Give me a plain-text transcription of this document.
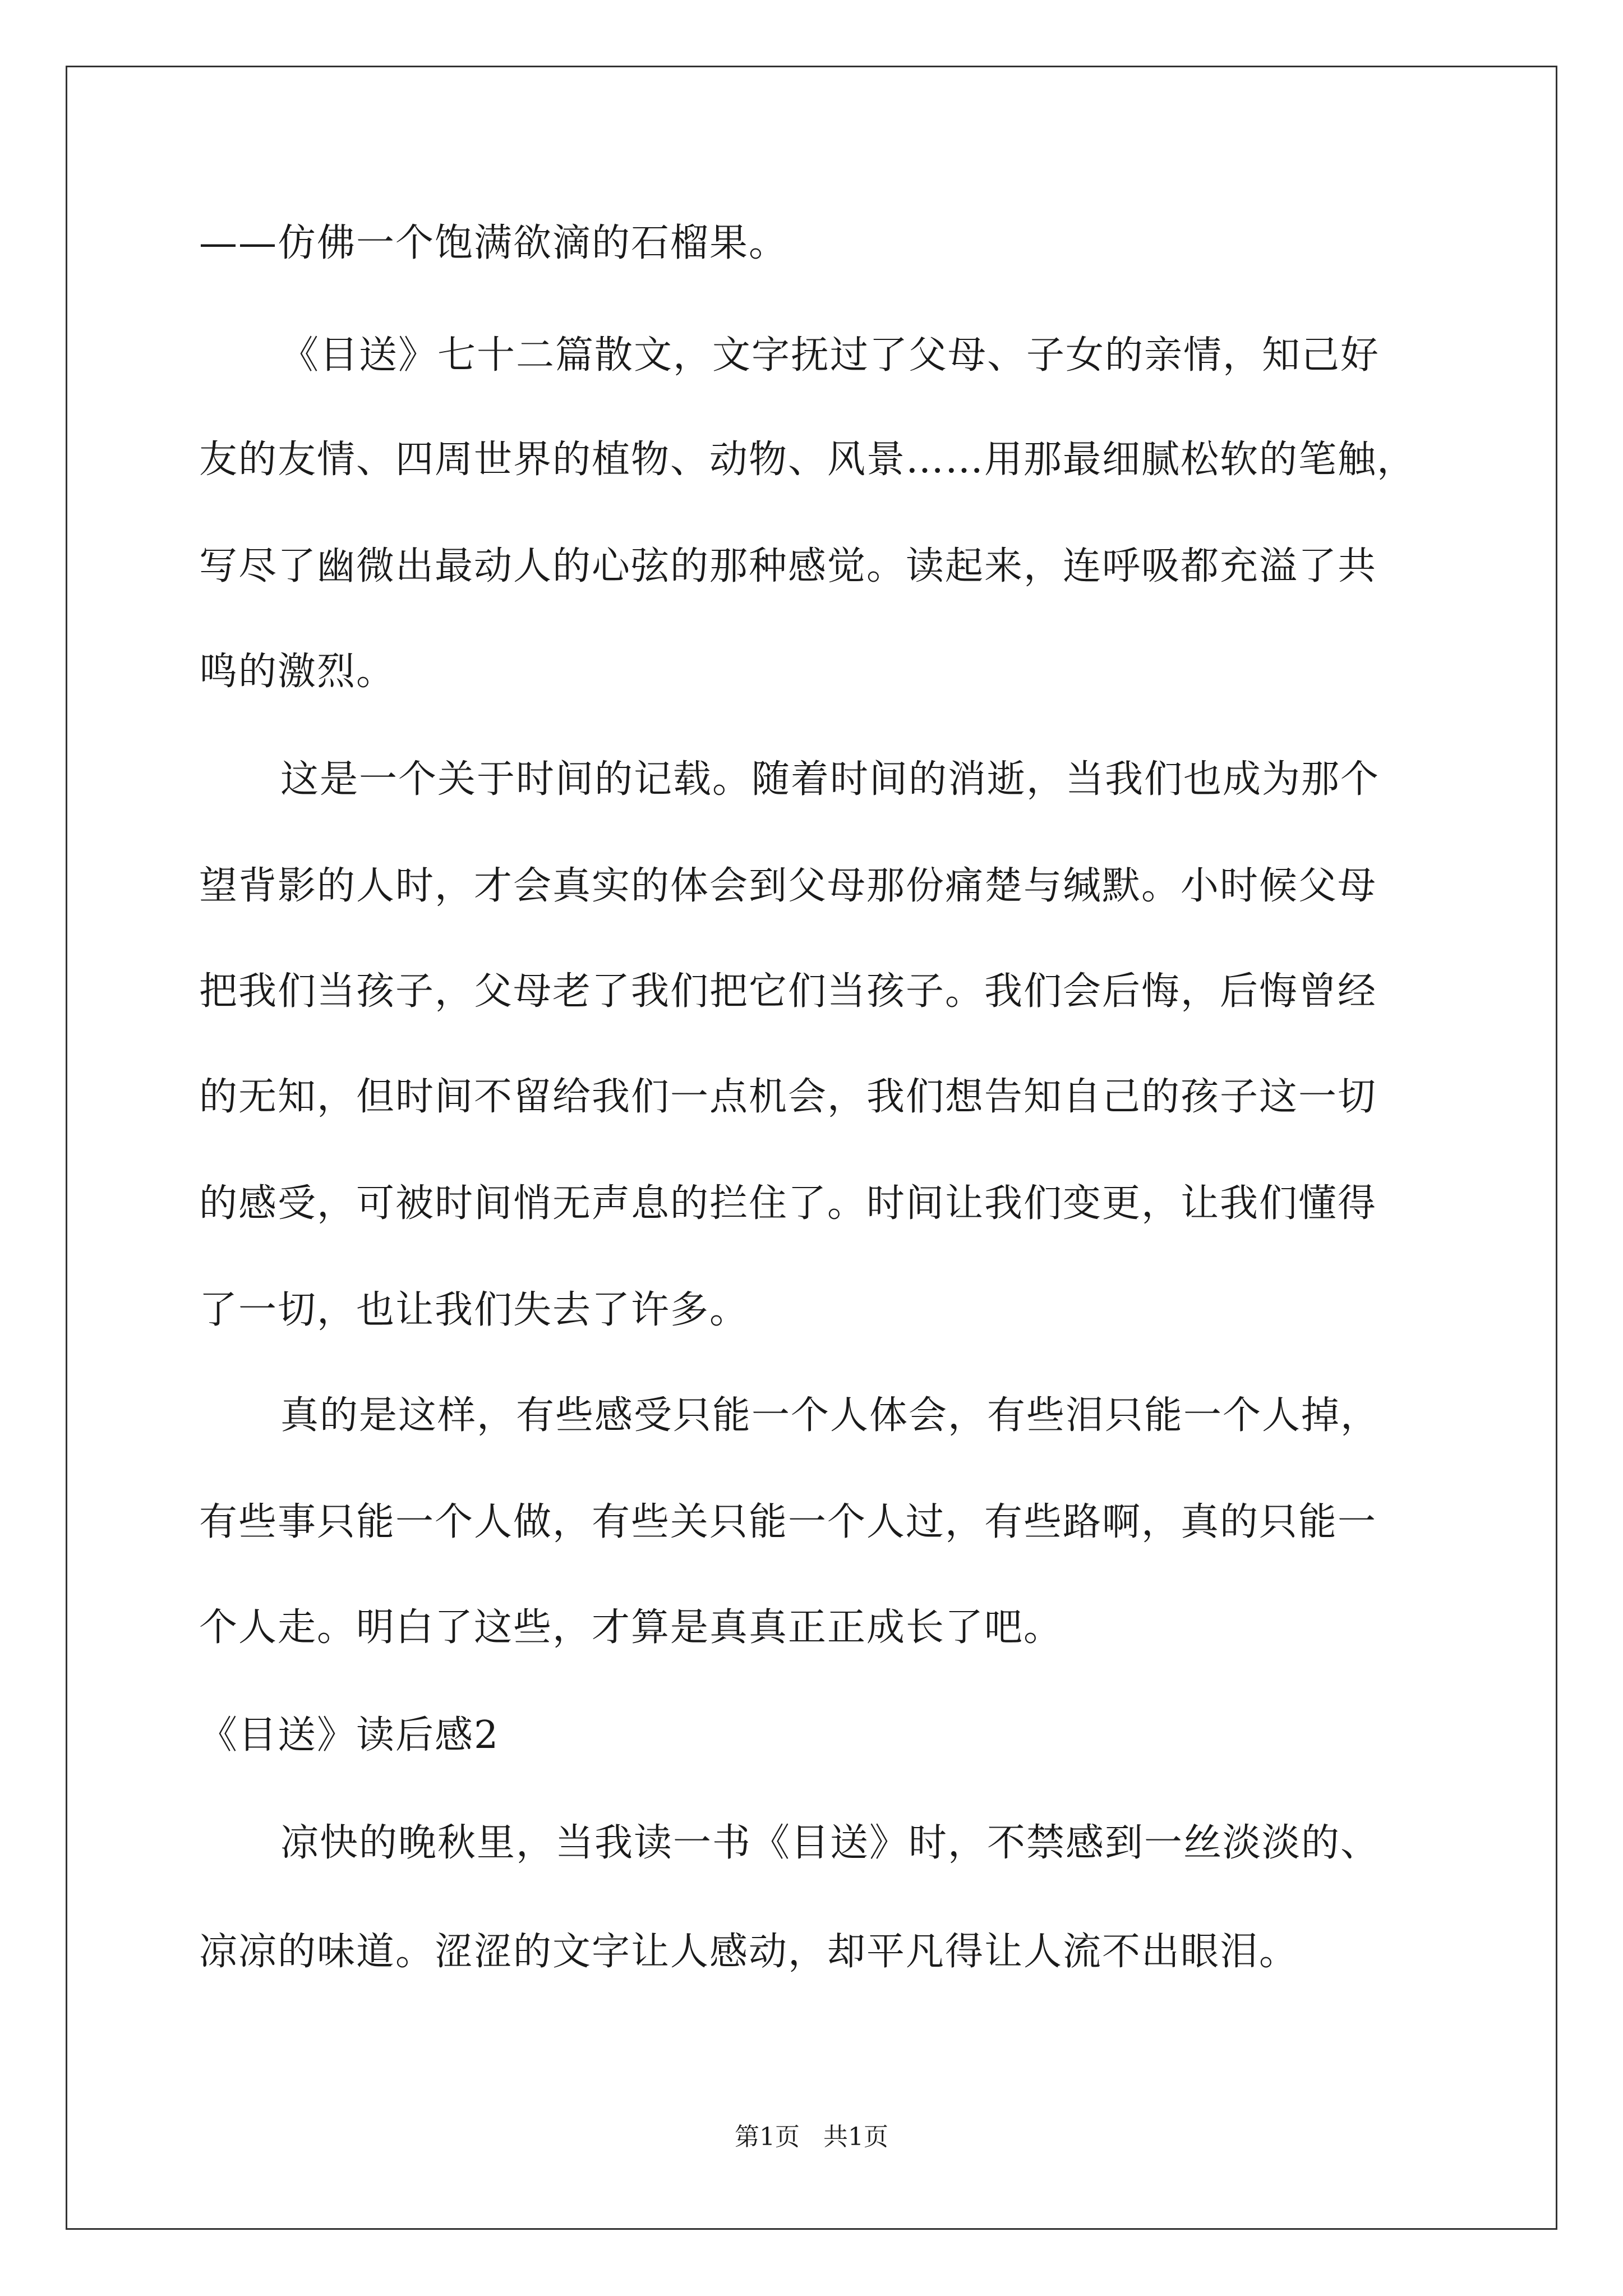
——仿佛一个饱满欲滴的石榴果。
《目送》七十二篇散文，文字抚过了父母、子女的亲情，知己好
友的友情、四周世界的植物、动物、风景……用那最细腻松软的笔触，
写尽了幽微出最动人的心弦的那种感觉。读起来，连呼吸都充溢了共
鸣的激烈。
这是一个关于时间的记载。随着时间的消逝，当我们也成为那个
望背影的人时，才会真实的体会到父母那份痛楚与缄默。小时候父母
把我们当孩子，父母老了我们把它们当孩子。我们会后悔，后悔曾经
的无知，但时间不留给我们一点机会，我们想告知自己的孩子这一切
的感受，可被时间悄无声息的拦住了。时间让我们变更，让我们懂得
了一切，也让我们失去了许多。
真的是这样，有些感受只能一个人体会，有些泪只能一个人掉，
有些事只能一个人做，有些关只能一个人过，有些路啊，真的只能一
个人走。明白了这些，才算是真真正正成长了吧。
《目送》读后感2
凉快的晚秋里，当我读一书《目送》时，不禁感到一丝淡淡的、
凉凉的味道。涩涩的文字让人感动，却平凡得让人流不出眼泪。
第1页   共1页
